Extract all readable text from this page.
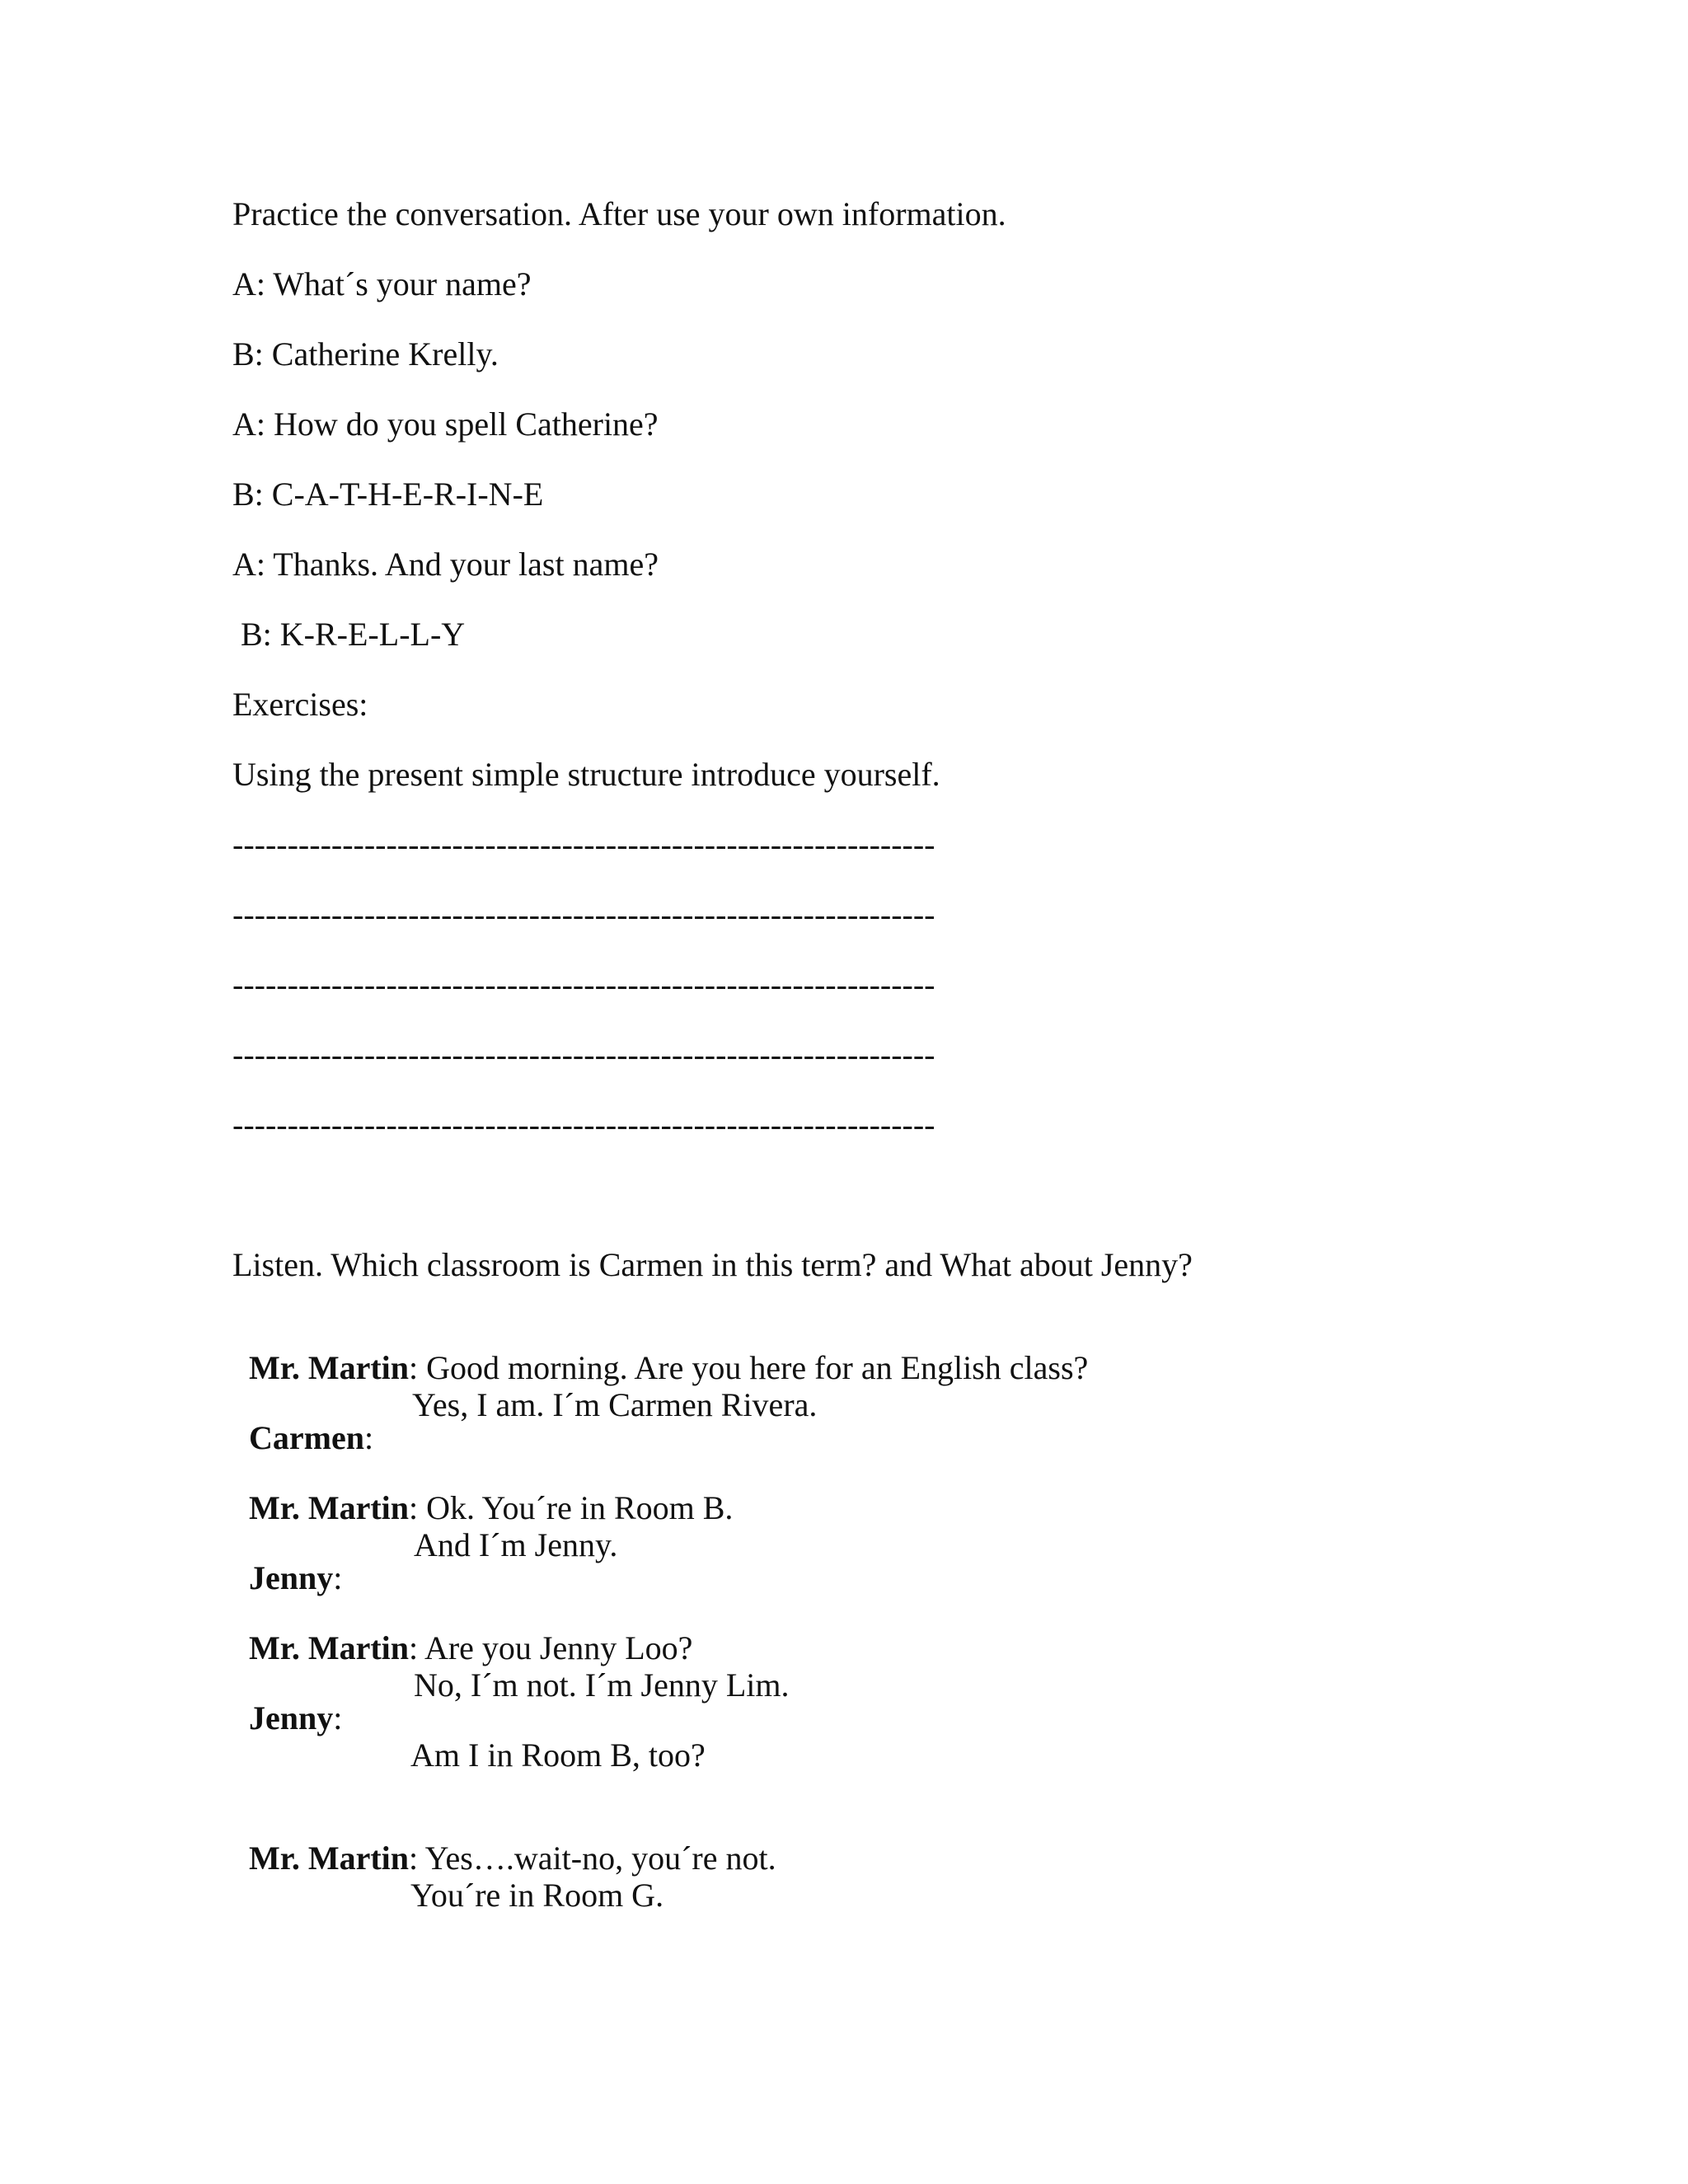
Practice the conversation. After use your own information.
A: What´s your name?
B: Catherine Krelly.
A: How do you spell Catherine?
B: C-A-T-H-E-R-I-N-E
A: Thanks. And your last name?
B: K-R-E-L-L-Y
Exercises:
Using the present simple structure introduce yourself.
----------------------------------------------------------------
----------------------------------------------------------------
----------------------------------------------------------------
----------------------------------------------------------------
----------------------------------------------------------------
Listen. Which classroom is Carmen in this term? and What about Jenny?

Mr. Martin: Good morning. Are you here for an English class?

Carmen:

Yes, I am. I´m Carmen Rivera.

Mr. Martin: Ok. You´re in Room B.

Jenny:

And I´m Jenny.

Mr. Martin: Are you Jenny Loo?

Jenny:

No, I´m not. I´m Jenny Lim.
Am I in Room B, too?

Mr. Martin: Yes….wait-no, you´re not.

You´re in Room G.
